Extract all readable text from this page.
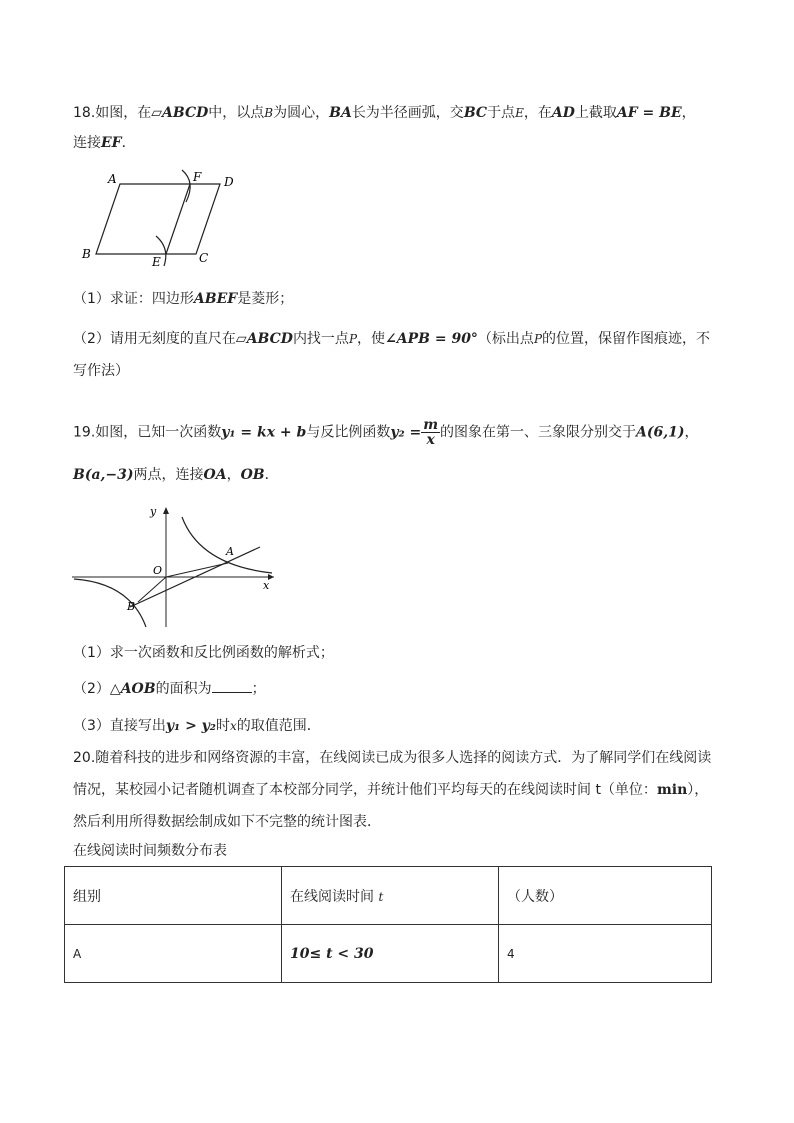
18.如图，在▱ABCD中，以点B为圆心，BA长为半径画弧，交BC于点E，在AD上截取AF = BE，
连接EF．
A	F D
B
E	C
（1）求证：四边形ABEF是菱形；
（2）请用无刻度的直尺在▱ABCD内找一点P，使∠APB = 90°（标出点P的位置，保留作图痕迹，不
写作法）
19.如图，已知一次函数y₁ = kx + b与反比例函数$y_2 = \frac{m}{x}$ 的图象在第一、三象限分别交于A(6,1)，
B(a,−3)两点，连接OA，OB．
y
x
O
A
B
（1）求一次函数和反比例函数的解析式；
（2）△AOB的面积为	；
（3）直接写出y₁ > y₂时x的取值范围．
20.随着科技的进步和网络资源的丰富，在线阅读已成为很多人选择的阅读方式．为了解同学们在线阅读
情况，某校园小记者随机调查了本校部分同学，并统计他们平均每天的在线阅读时间 t（单位：min），
然后利用所得数据绘制成如下不完整的统计图表．
在线阅读时间频数分布表
组别	在线阅读时间 t	（人数）
A	10≤ t < 30	4
